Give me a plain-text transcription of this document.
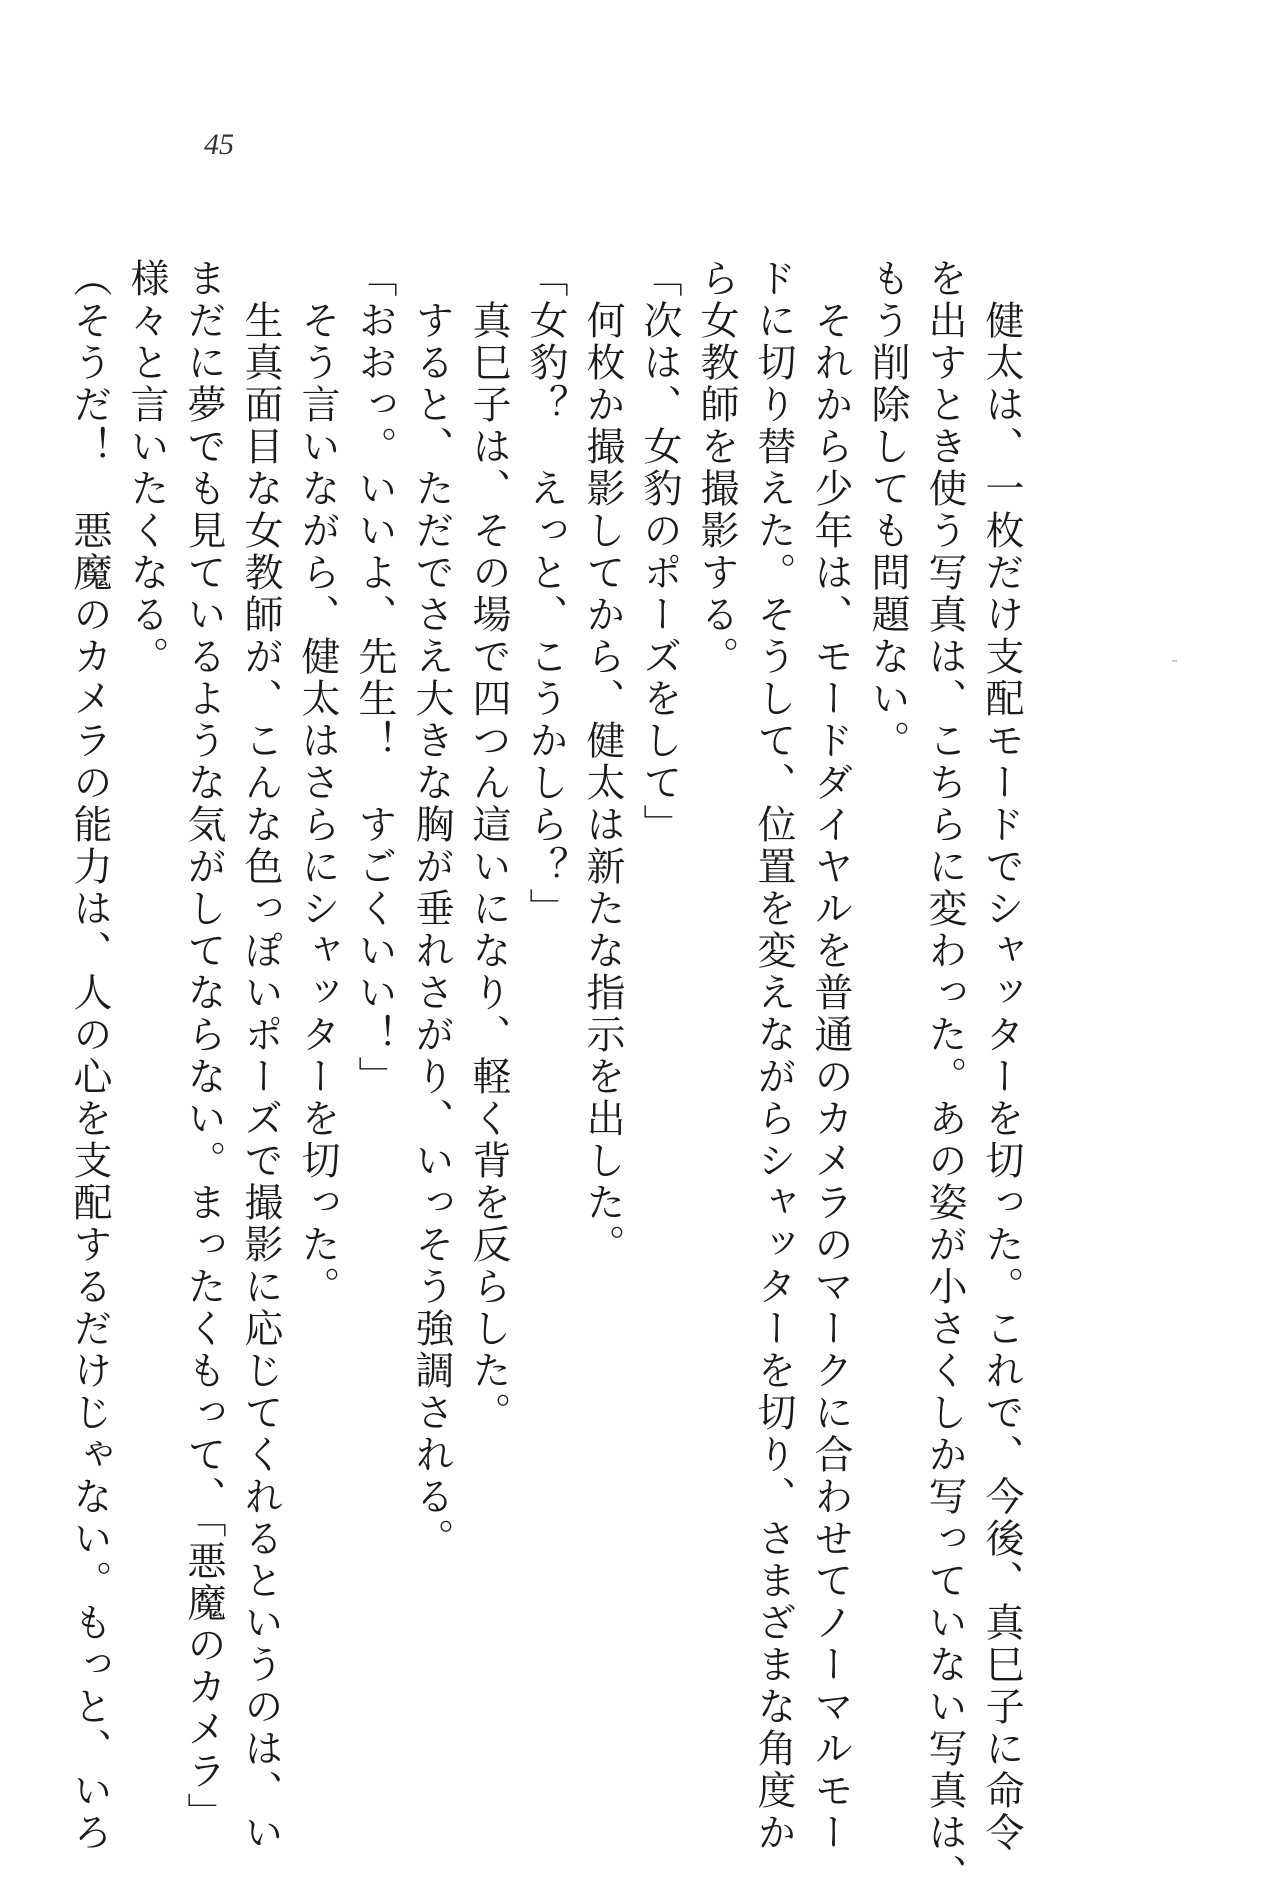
45
　健太は、一枚だけ支配モードでシャッターを切った。これで、今後、真巳子に命令
を出すとき使う写真は、こちらに変わった。あの姿が小さくしか写っていない写真は、
もう削除しても問題ない。
　それから少年は、モードダイヤルを普通のカメラのマークに合わせてノーマルモー
ドに切り替えた。そうして、位置を変えながらシャッターを切り、さまざまな角度か
ら女教師を撮影する。
「次は、女豹のポーズをして」
　何枚か撮影してから、健太は新たな指示を出した。
「女豹？　えっと、こうかしら？」
　真巳子は、その場で四つん這いになり、軽く背を反らした。
　すると、ただでさえ大きな胸が垂れさがり、いっそう強調される。
「おおっ。いいよ、先生！　すごくいい！」
　そう言いながら、健太はさらにシャッターを切った。
　生真面目な女教師が、こんな色っぽいポーズで撮影に応じてくれるというのは、い
まだに夢でも見ているような気がしてならない。まったくもって、「悪魔のカメラ」
様々と言いたくなる。
（そうだ！　悪魔のカメラの能力は、人の心を支配するだけじゃない。もっと、いろ
